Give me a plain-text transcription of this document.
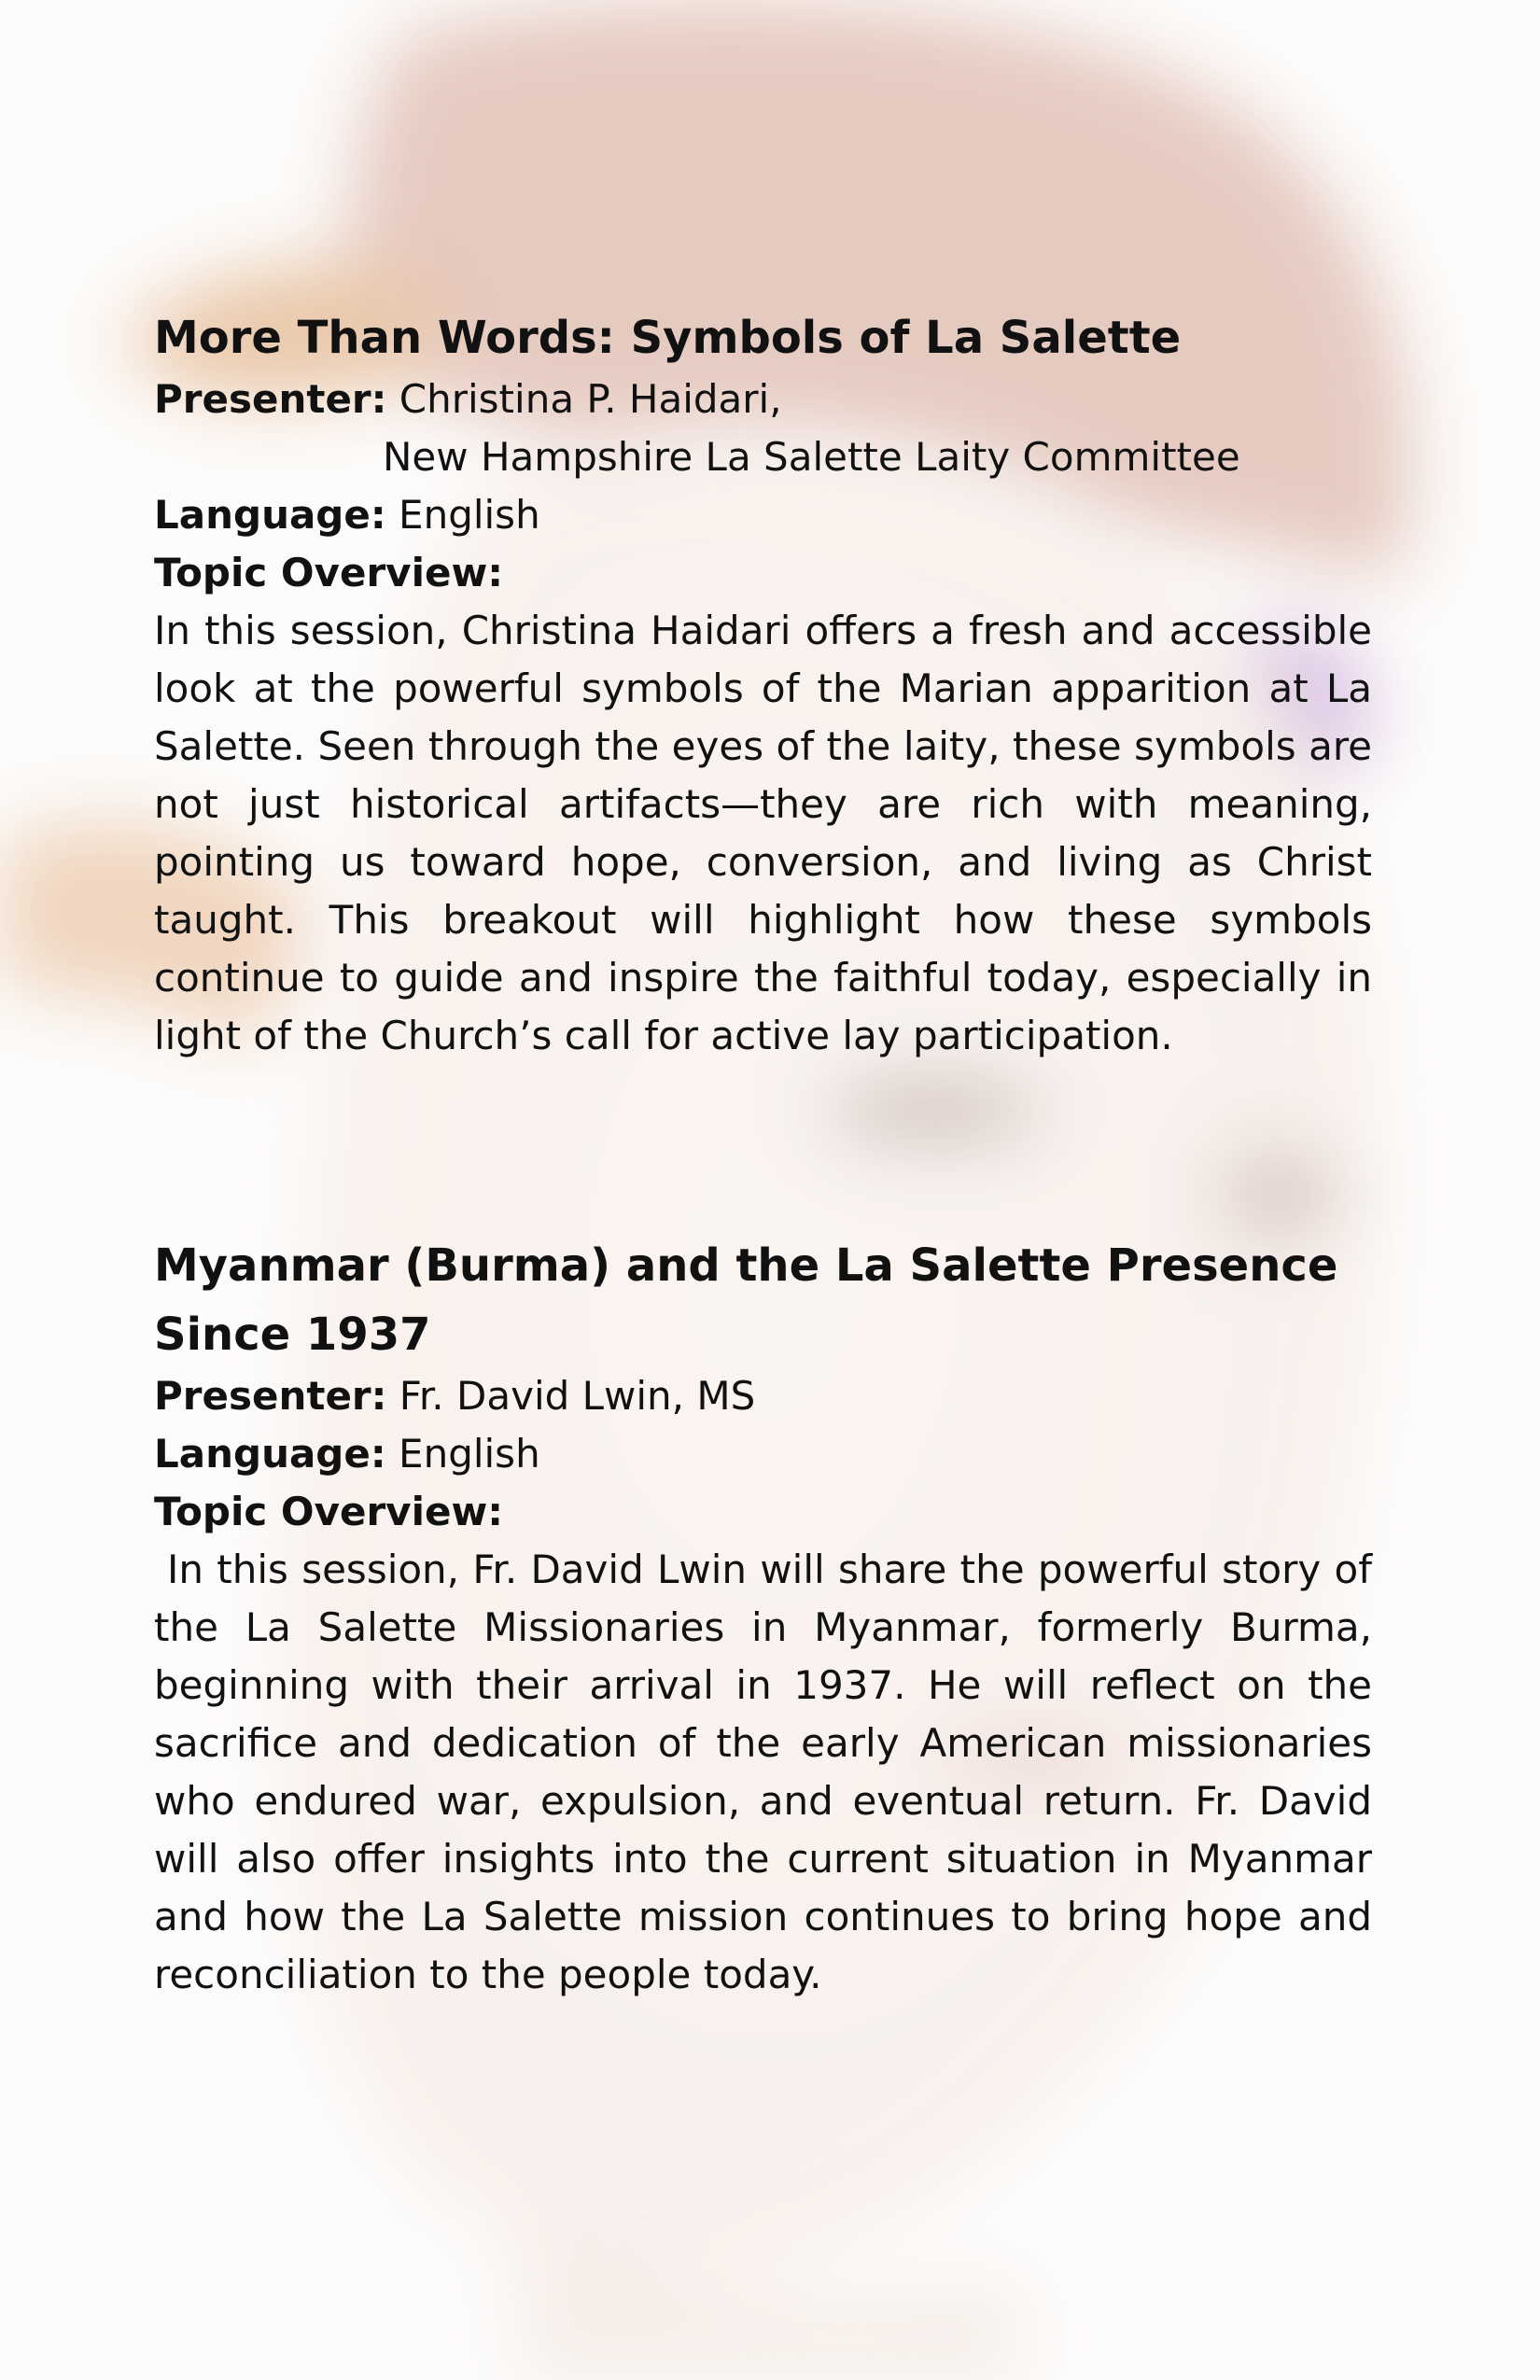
More Than Words: Symbols of La Salette

Presenter: Christina P. Haidari,

New Hampshire La Salette Laity Committee

Language: English

Topic Overview:

In this session, Christina Haidari offers a fresh and accessible look at the powerful symbols of the Marian apparition at La Salette. Seen through the eyes of the laity, these symbols are not just historical artifacts—they are rich with meaning, pointing us toward hope, conversion, and living as Christ taught. This breakout will highlight how these symbols continue to guide and inspire the faithful today, especially in light of the Church’s call for active lay participation.

Myanmar (Burma) and the La Salette Presence Since 1937

Presenter: Fr. David Lwin, MS

Language: English

Topic Overview:

In this session, Fr. David Lwin will share the powerful story of the La Salette Missionaries in Myanmar, formerly Burma, beginning with their arrival in 1937. He will reflect on the sacrifice and dedication of the early American missionaries who endured war, expulsion, and eventual return. Fr. David will also offer insights into the current situation in Myanmar and how the La Salette mission continues to bring hope and reconciliation to the people today.
